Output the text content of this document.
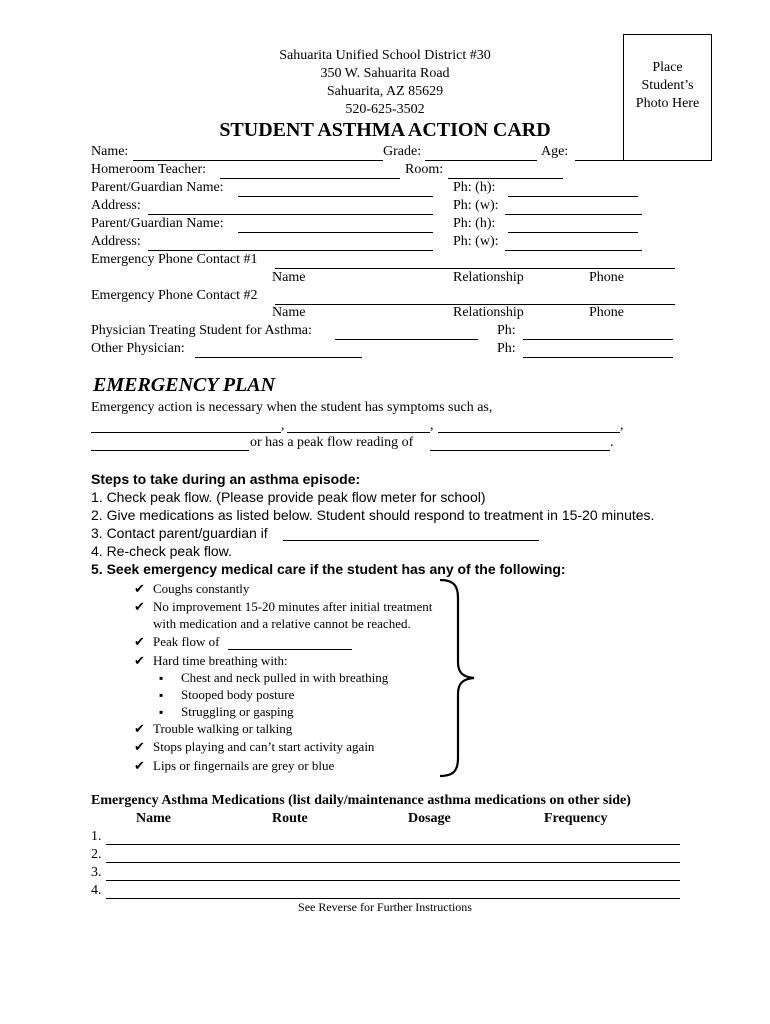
Sahuarita Unified School District #30
350 W. Sahuarita Road
Sahuarita, AZ 85629
520-625-3502
STUDENT ASTHMA ACTION CARD
Place
Student’s
Photo Here
Name:	Grade:	Age:
Homeroom Teacher:	Room:
Parent/Guardian Name:	Ph: (h):
Address:	Ph: (w):
Parent/Guardian Name:	Ph: (h):
Address:	Ph: (w):
Emergency Phone Contact #1
Name	Relationship	Phone
Emergency Phone Contact #2
Name	Relationship	Phone
Physician Treating Student for Asthma:	Ph:
Other Physician:	Ph:
EMERGENCY PLAN
Emergency action is necessary when the student has symptoms such as,
,	,	,
or has a peak flow reading of	.
Steps to take during an asthma episode:
1. Check peak flow. (Please provide peak flow meter for school)
2. Give medications as listed below. Student should respond to treatment in 15-20 minutes.
3. Contact parent/guardian if
4. Re-check peak flow.
5. Seek emergency medical care if the student has any of the following:
✔ Coughs constantly
✔ No improvement 15-20 minutes after initial treatment
with medication and a relative cannot be reached.
✔ Peak flow of
✔ Hard time breathing with:
▪ Chest and neck pulled in with breathing
▪ Stooped body posture
▪ Struggling or gasping
✔ Trouble walking or talking
✔ Stops playing and can’t start activity again
✔ Lips or fingernails are grey or blue
Emergency Asthma Medications (list daily/maintenance asthma medications on other side)
Name	Route	Dosage	Frequency
1.
2.
3.
4.
See Reverse for Further Instructions
